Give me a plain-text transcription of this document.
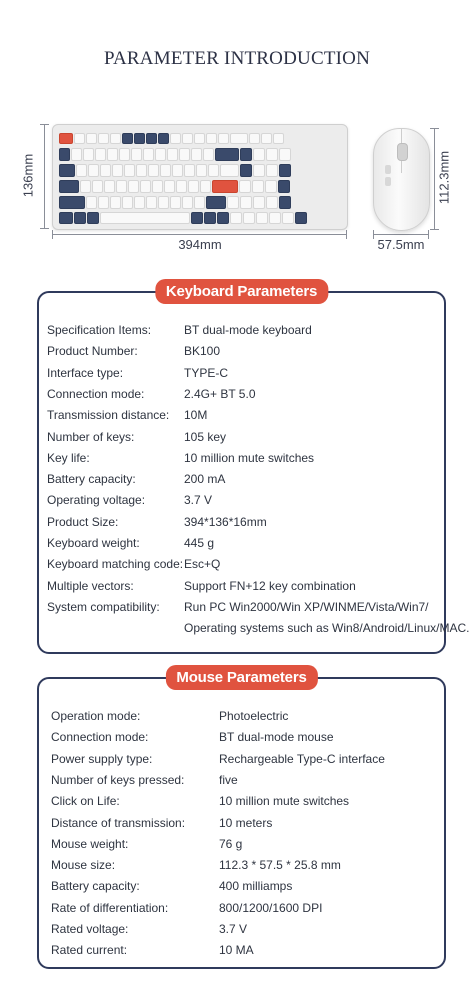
PARAMETER INTRODUCTION
136mm
394mm
112.3mm
57.5mm
Keyboard Parameters
Specification Items:	BT dual-mode keyboard
Product Number:	BK100
Interface type:	TYPE-C
Connection mode:	2.4G+ BT 5.0
Transmission distance: 10M
Number of keys:	105 key
Key life:	10 million mute switches
Battery capacity:	200 mA
Operating voltage:	3.7 V
Product Size:	394*136*16mm
Keyboard weight:	445 g
Keyboard matching code: Esc+Q
Multiple vectors:	Support FN+12 key combination
System compatibility: Run PC Win2000/Win XP/WINME/Vista/Win7/
Operating systems such as Win8/Android/Linux/MAC.
Mouse Parameters
Operation mode:	Photoelectric
Connection mode:	BT dual-mode mouse
Power supply type:	Rechargeable Type-C interface
Number of keys pressed:	five
Click on Life:	10 million mute switches
Distance of transmission:	10 meters
Mouse weight:	76 g
Mouse size:	112.3 * 57.5 * 25.8 mm
Battery capacity:	400 milliamps
Rate of differentiation:	800/1200/1600 DPI
Rated voltage:	3.7 V
Rated current:	10 MA
